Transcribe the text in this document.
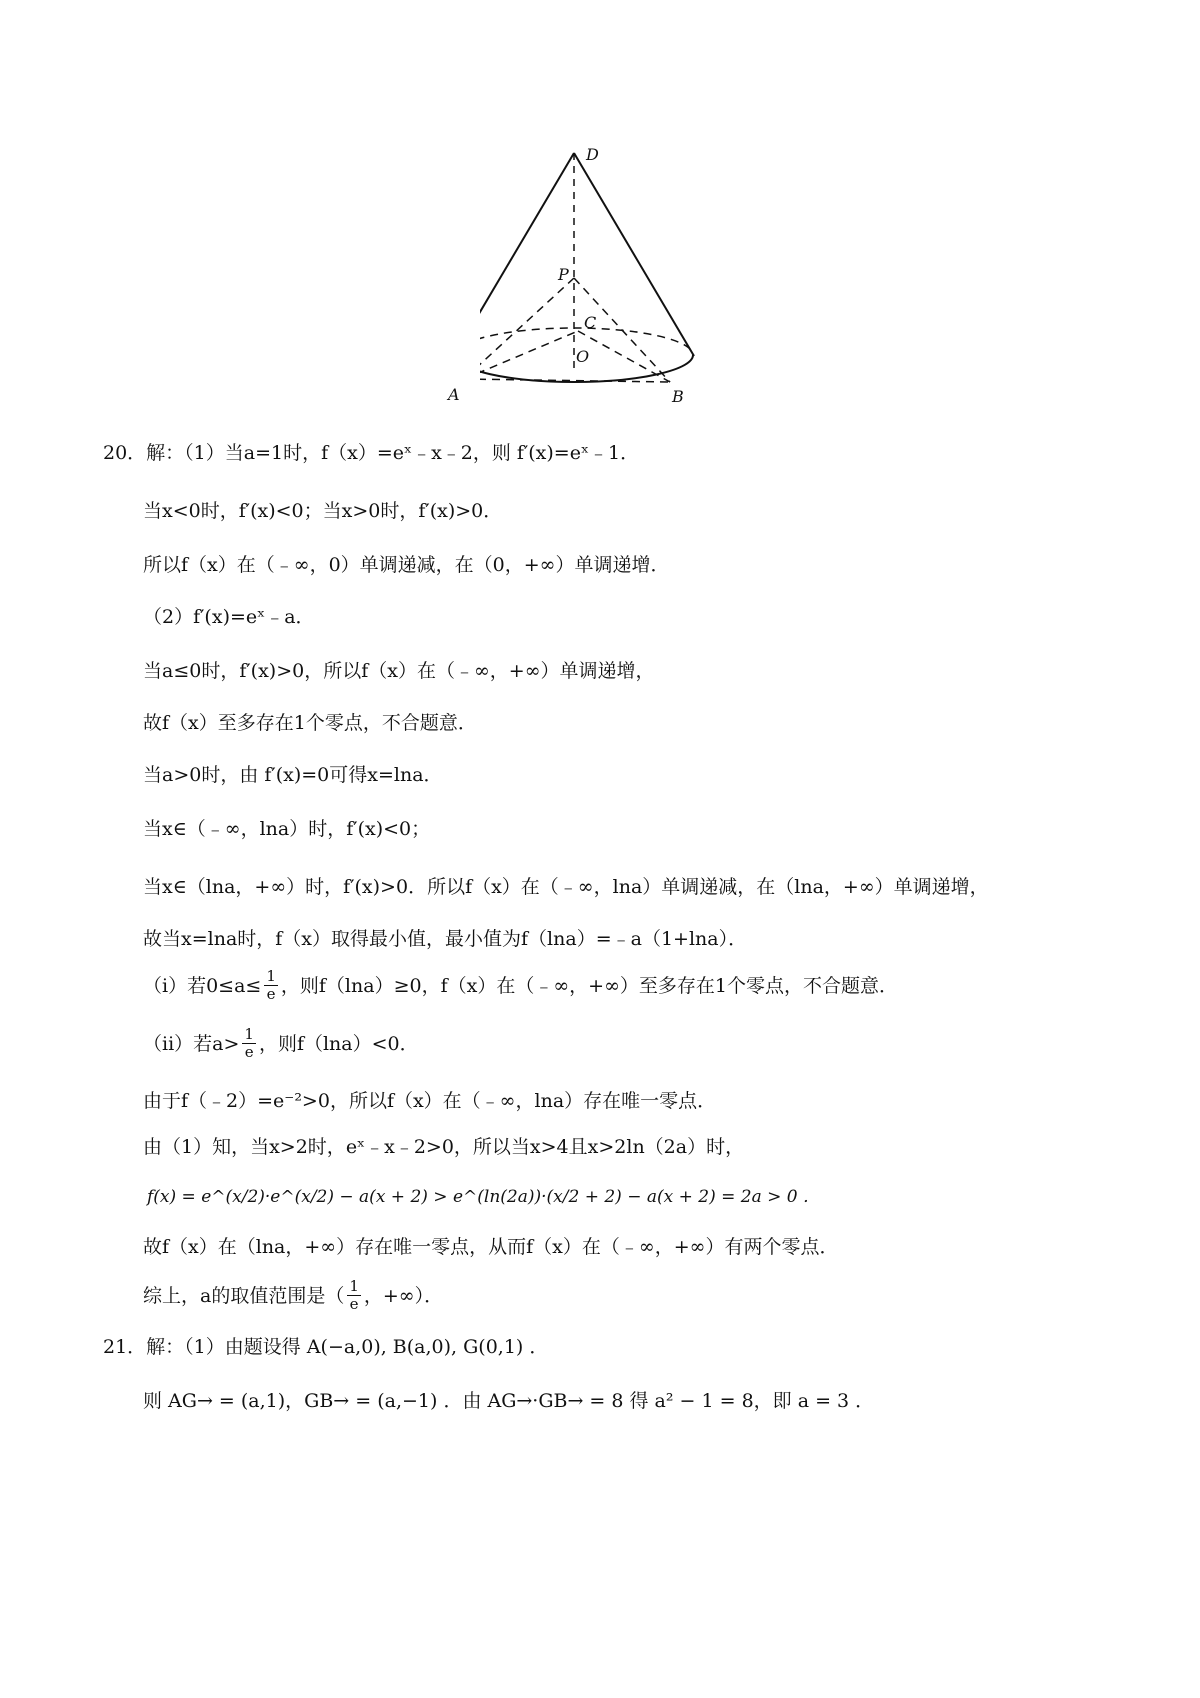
D
P
C
O
A	B
20．解：（1）当a=1时，f（x）=eˣ﹣x﹣2，则 f′(x)=eˣ﹣1．
当x<0时，f′(x)<0；当x>0时，f′(x)>0．
所以f（x）在（﹣∞，0）单调递减，在（0，+∞）单调递增．
（2）f′(x)=eˣ﹣a．
当a≤0时，f′(x)>0，所以f（x）在（﹣∞，+∞）单调递增，
故f（x）至多存在1个零点，不合题意．
当a>0时，由 f′(x)=0可得x=lna．
当x∈（﹣∞，lna）时，f′(x)<0；
当x∈（lna，+∞）时，f′(x)>0．所以f（x）在（﹣∞，lna）单调递减，在（lna，+∞）单调递增，
故当x=lna时，f（x）取得最小值，最小值为f（lna）=﹣a（1+lna）．
（i）若$0\le a\le \frac{1}{e}$ ，则f（lna）≥0，f（x）在（﹣∞，+∞）至多存在1个零点，不合题意．
（ii）若$a> \frac{1}{e}$ ，则f（lna）<0．
由于f（﹣2）=e⁻²>0，所以f（x）在（﹣∞，lna）存在唯一零点．
由（1）知，当x>2时，eˣ﹣x﹣2>0，所以当x>4且x>2ln（2a）时，
f(x) = e^(x/2)·e^(x/2) − a(x + 2) > e^(ln(2a))·(x/2 + 2) − a(x + 2) = 2a > 0 ．
故f（x）在（lna，+∞）存在唯一零点，从而f（x）在（﹣∞，+∞）有两个零点．
综上，a的取值范围是（ $\frac{1}{e}$ ，+∞）．
21．解：（1）由题设得 A(−a,0), B(a,0), G(0,1) ．
则 AG→ = (a,1)，GB→ = (a,−1) ．由 AG→·GB→ = 8 得 a² − 1 = 8，即 a = 3 ．
